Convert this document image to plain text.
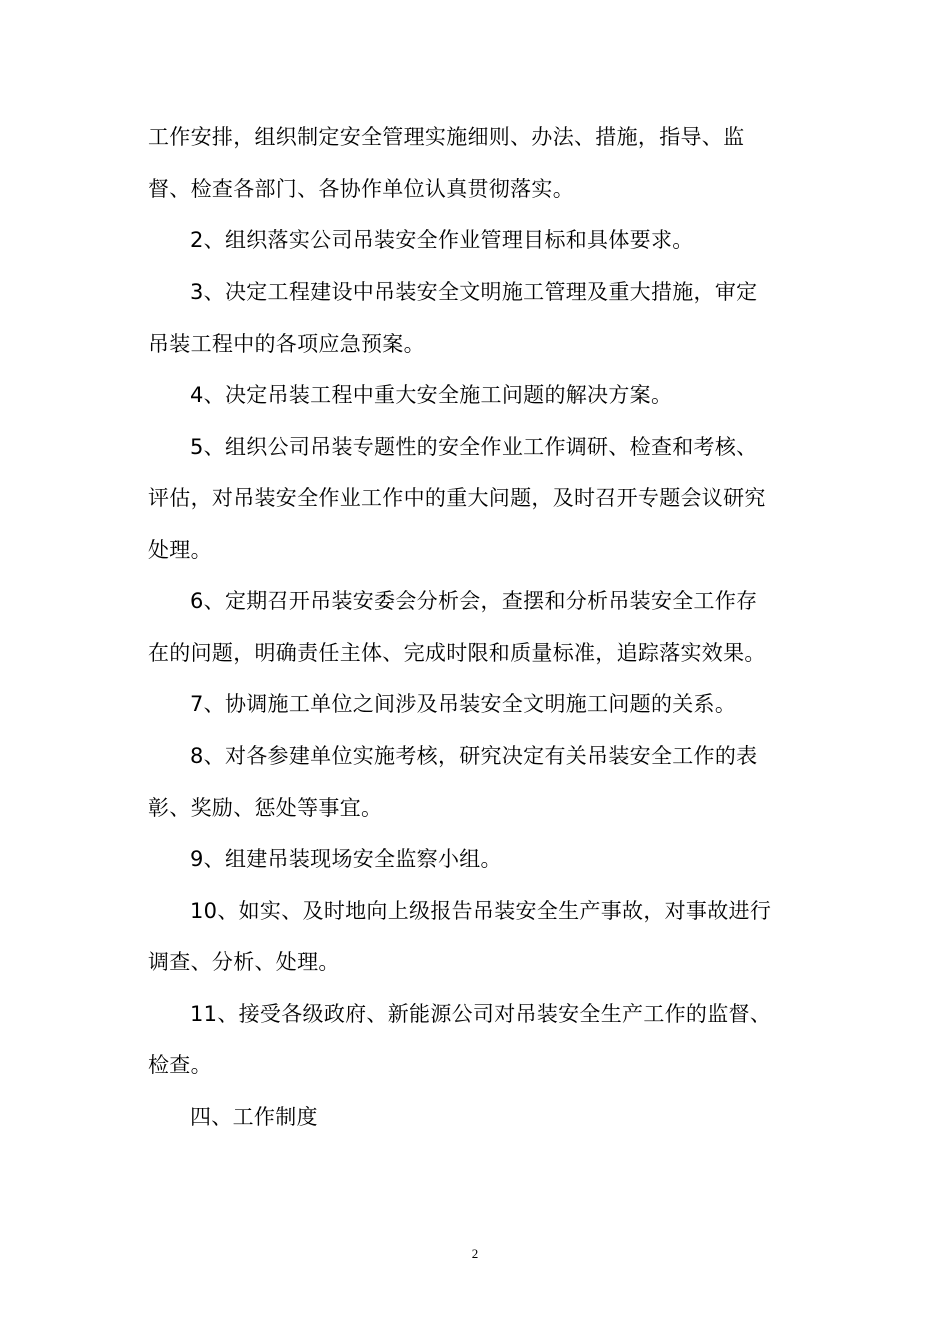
工作安排，组织制定安全管理实施细则、办法、措施，指导、监
督、检查各部门、各协作单位认真贯彻落实。
2、组织落实公司吊装安全作业管理目标和具体要求。
3、决定工程建设中吊装安全文明施工管理及重大措施，审定
吊装工程中的各项应急预案。
4、决定吊装工程中重大安全施工问题的解决方案。
5、组织公司吊装专题性的安全作业工作调研、检查和考核、
评估，对吊装安全作业工作中的重大问题，及时召开专题会议研究
处理。
6、定期召开吊装安委会分析会，查摆和分析吊装安全工作存
在的问题，明确责任主体、完成时限和质量标准，追踪落实效果。
7、协调施工单位之间涉及吊装安全文明施工问题的关系。
8、对各参建单位实施考核，研究决定有关吊装安全工作的表
彰、奖励、惩处等事宜。
9、组建吊装现场安全监察小组。
10、如实、及时地向上级报告吊装安全生产事故，对事故进行
调查、分析、处理。
11、接受各级政府、新能源公司对吊装安全生产工作的监督、
检查。
四、工作制度
2
